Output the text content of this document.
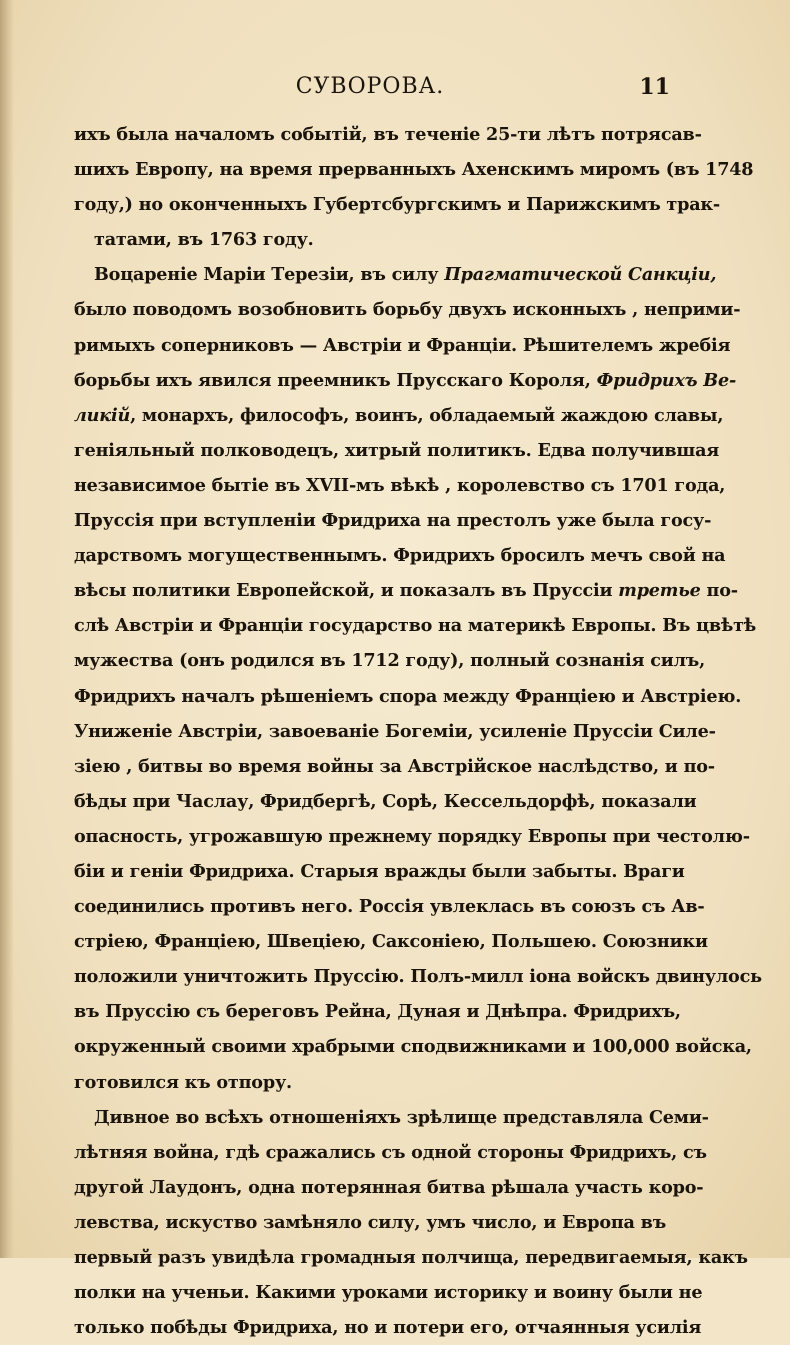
СУВОРОВА.	11
ихъ была началомъ событiй, въ теченiе 25-ти лѣтъ потрясав-
шихъ Европу, на время прерванныхъ Ахенскимъ миромъ (въ 1748
году,) но оконченныхъ Губертсбургскимъ и Парижскимъ трак-
татами, въ 1763 году.
Воцаренiе Марiи Терезiи, въ силу Прагматической Санкцiи,
было поводомъ возобновить борьбу двухъ исконныхъ , неприми-
римыхъ соперниковъ — Австрiи и Францiи. Рѣшителемъ жребiя
борьбы ихъ явился преемникъ Прусскаго Короля, Фридрихъ Ве-
ликiй, монархъ, философъ, воинъ, обладаемый жаждою славы,
генiяльный полководецъ, хитрый политикъ. Едва получившая
независимое бытiе въ XVII-мъ вѣкѣ , королевство съ 1701 года,
Пруссiя при вступленiи Фридриха на престолъ уже была госу-
дарствомъ могущественнымъ. Фридрихъ бросилъ мечъ свой на
вѣсы политики Европейской, и показалъ въ Пруссiи третье по-
слѣ Австрiи и Францiи государство на материкѣ Европы. Въ цвѣтѣ
мужества (онъ родился въ 1712 году), полный сознанiя силъ,
Фридрихъ началъ рѣшенiемъ спора между Францiею и Австрiею.
Униженiе Австрiи, завоеванiе Богемiи, усиленiе Пруссiи Силе-
зiею , битвы во время войны за Австрiйское наслѣдство, и по-
бѣды при Часлау, Фридбергѣ, Сорѣ, Кессельдорфѣ, показали
опасность, угрожавшую прежнему порядку Европы при честолю-
бiи и генiи Фридриха. Старыя вражды были забыты. Враги
соединились противъ него. Россiя увлеклась въ союзъ съ Ав-
стрiею, Францiею, Швецiею, Саксонiею, Польшею. Союзники
положили уничтожить Пруссiю. Полъ-милл iона войскъ двинулось
въ Пруссiю съ береговъ Рейна, Дуная и Днѣпра. Фридрихъ,
окруженный своими храбрыми сподвижниками и 100,000 войска,
готовился къ отпору.
Дивное во всѣхъ отношенiяхъ зрѣлище представляла Семи-
лѣтняя война, гдѣ сражались съ одной стороны Фридрихъ, съ
другой Лаудонъ, одна потерянная битва рѣшала участь коро-
левства, искуство замѣняло силу, умъ число, и Европа въ
первый разъ увидѣла громадныя полчища, передвигаемыя, какъ
полки на ученьи. Какими уроками историку и воину были не
только побѣды Фридриха, но и потери его, отчаянныя усилiя
